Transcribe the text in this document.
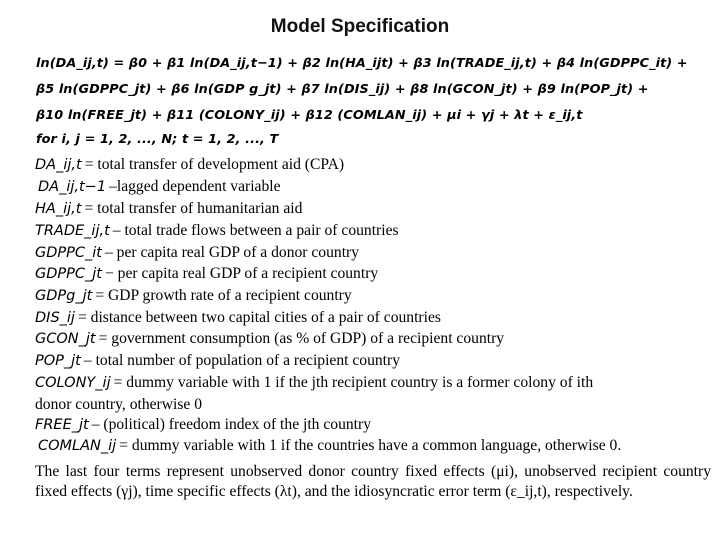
Model Specification
ln(DA_ij,t) = β0 + β1 ln(DA_ij,t−1) + β2 ln(HA_ijt) + β3 ln(TRADE_ij,t) + β4 ln(GDPPC_it) +
β5 ln(GDPPC_jt) + β6 ln(GDP g_jt) + β7 ln(DIS_ij) + β8 ln(GCON_jt) + β9 ln(POP_jt) +
β10 ln(FREE_jt) + β11 (COLONY_ij) + β12 (COMLAN_ij) + μi + γj + λt + ε_ij,t
for i, j = 1, 2, ..., N; t = 1, 2, ..., T
DA_ij,t = total transfer of development aid (CPA)
DA_ij,t−1 –lagged dependent variable
HA_ij,t = total transfer of humanitarian aid
TRADE_ij,t – total trade flows between a pair of countries
GDPPC_it – per capita real GDP of a donor country
GDPPC_jt − per capita real GDP of a recipient country
GDPg_jt = GDP growth rate of a recipient country
DIS_ij = distance between two capital cities of a pair of countries
GCON_jt = government consumption (as % of GDP) of a recipient country
POP_jt – total number of population of a recipient country
COLONY_ij = dummy variable with 1 if the jth recipient country is a former colony of ith
donor country, otherwise 0
FREE_jt – (political) freedom index of the jth country
COMLAN_ij = dummy variable with 1 if the countries have a common language, otherwise 0.
The last four terms represent unobserved donor country fixed effects (μi), unobserved recipient country fixed effects (γj), time specific effects (λt), and the idiosyncratic error term (ε_ij,t), respectively.
